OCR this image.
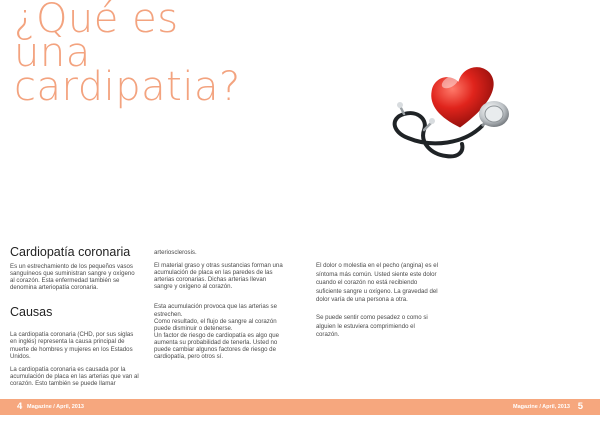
¿Qué es
una
cardipatia?
Cardiopatía coronaria

Es un estrechamiento de los pequeños vasos
sanguíneos que suministran sangre y oxígeno
al corazón. Esta enfermedad también se
denomina arteriopatía coronaria.

Causas

La cardiopatía coronaria (CHD, por sus siglas
en inglés) representa la causa principal de
muerte de hombres y mujeres en los Estados
Unidos.

La cardiopatía coronaria es causada por la
acumulación de placa en las arterias que van al
corazón. Esto también se puede llamar

arteriosclerosis.

El material graso y otras sustancias forman una
acumulación de placa en las paredes de las
arterias coronarias. Dichas arterias llevan
sangre y oxígeno al corazón.

Esta acumulación provoca que las arterias se
estrechen.
Como resultado, el flujo de sangre al corazón
puede disminuir o detenerse.
Un factor de riesgo de cardiopatía es algo que
aumenta su probabilidad de tenerla. Usted no
puede cambiar algunos factores de riesgo de
cardiopatía, pero otros sí.

El dolor o molestia en el pecho (angina) es el
síntoma más común. Usted siente este dolor
cuando el corazón no está recibiendo
suficiente sangre u oxígeno. La gravedad del
dolor varía de una persona a otra.

Se puede sentir como pesadez o como si
alguien le estuviera comprimiendo el
corazón.

4 Magazine / April, 2013	Magazine / April, 2013 5
